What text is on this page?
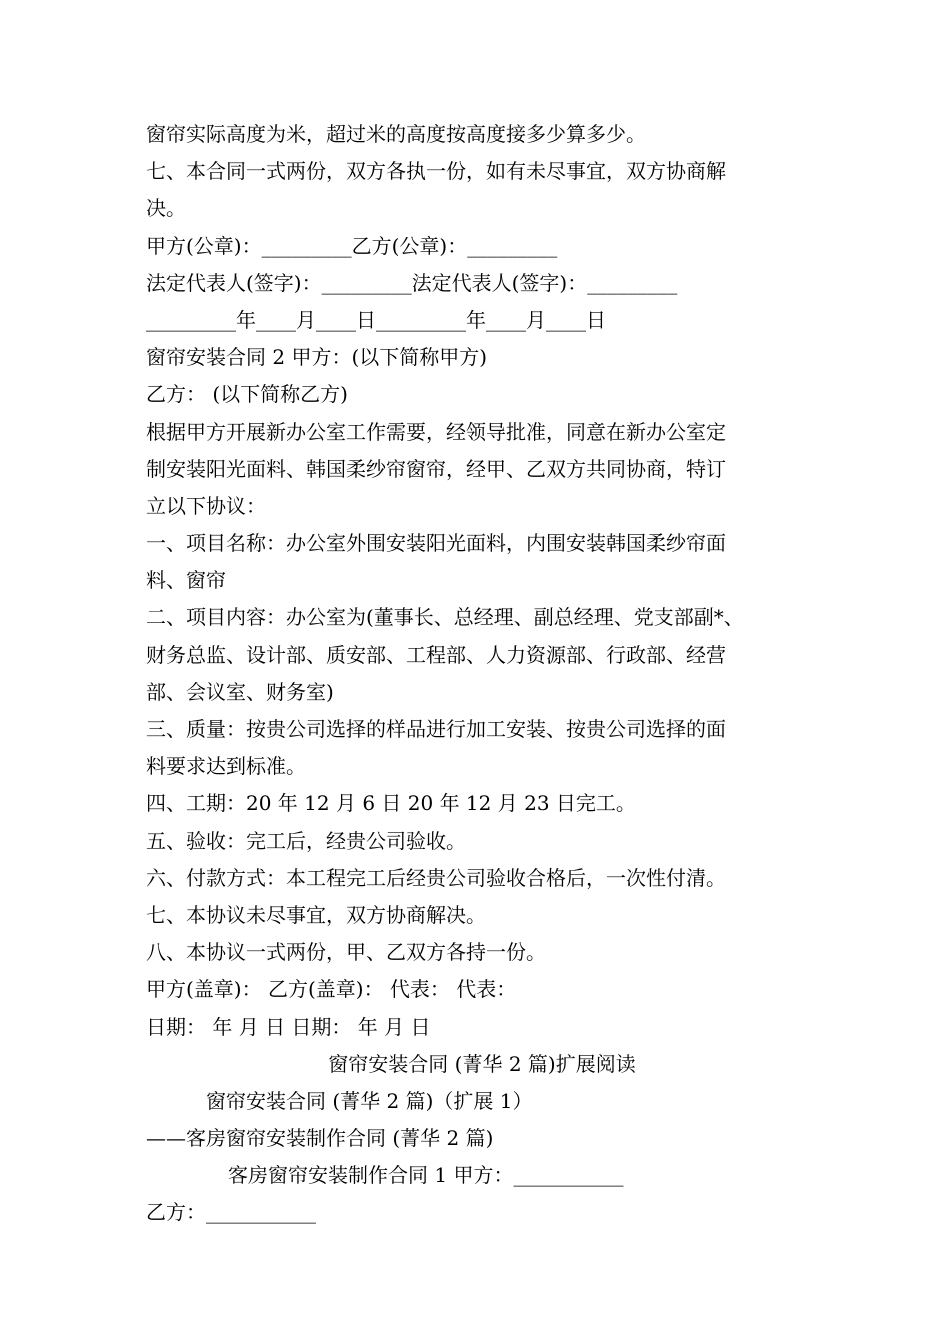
窗帘实际高度为米，超过米的高度按高度接多少算多少。
七、本合同一式两份，双方各执一份，如有未尽事宜，双方协商解
决。
甲方(公章)：_________乙方(公章)：_________
法定代表人(签字)：_________法定代表人(签字)：_________
_________年____月____日_________年____月____日
窗帘安装合同 2 甲方：(以下简称甲方)
乙方： (以下简称乙方)
根据甲方开展新办公室工作需要，经领导批准，同意在新办公室定
制安装阳光面料、韩国柔纱帘窗帘，经甲、乙双方共同协商，特订
立以下协议：
一、项目名称：办公室外围安装阳光面料，内围安装韩国柔纱帘面
料、窗帘
二、项目内容：办公室为(董事长、总经理、副总经理、党支部副*、
财务总监、设计部、质安部、工程部、人力资源部、行政部、经营
部、会议室、财务室)
三、质量：按贵公司选择的样品进行加工安装、按贵公司选择的面
料要求达到标准。
四、工期：20 年 12 月 6 日 20 年 12 月 23 日完工。
五、验收：完工后，经贵公司验收。
六、付款方式：本工程完工后经贵公司验收合格后，一次性付清。
七、本协议未尽事宜，双方协商解决。
八、本协议一式两份，甲、乙双方各持一份。
甲方(盖章)： 乙方(盖章)： 代表： 代表：
日期： 年 月 日 日期： 年 月 日
窗帘安装合同 (菁华 2 篇)扩展阅读
窗帘安装合同 (菁华 2 篇)（扩展 1）
——客房窗帘安装制作合同 (菁华 2 篇)
客房窗帘安装制作合同 1 甲方：___________
乙方：___________
